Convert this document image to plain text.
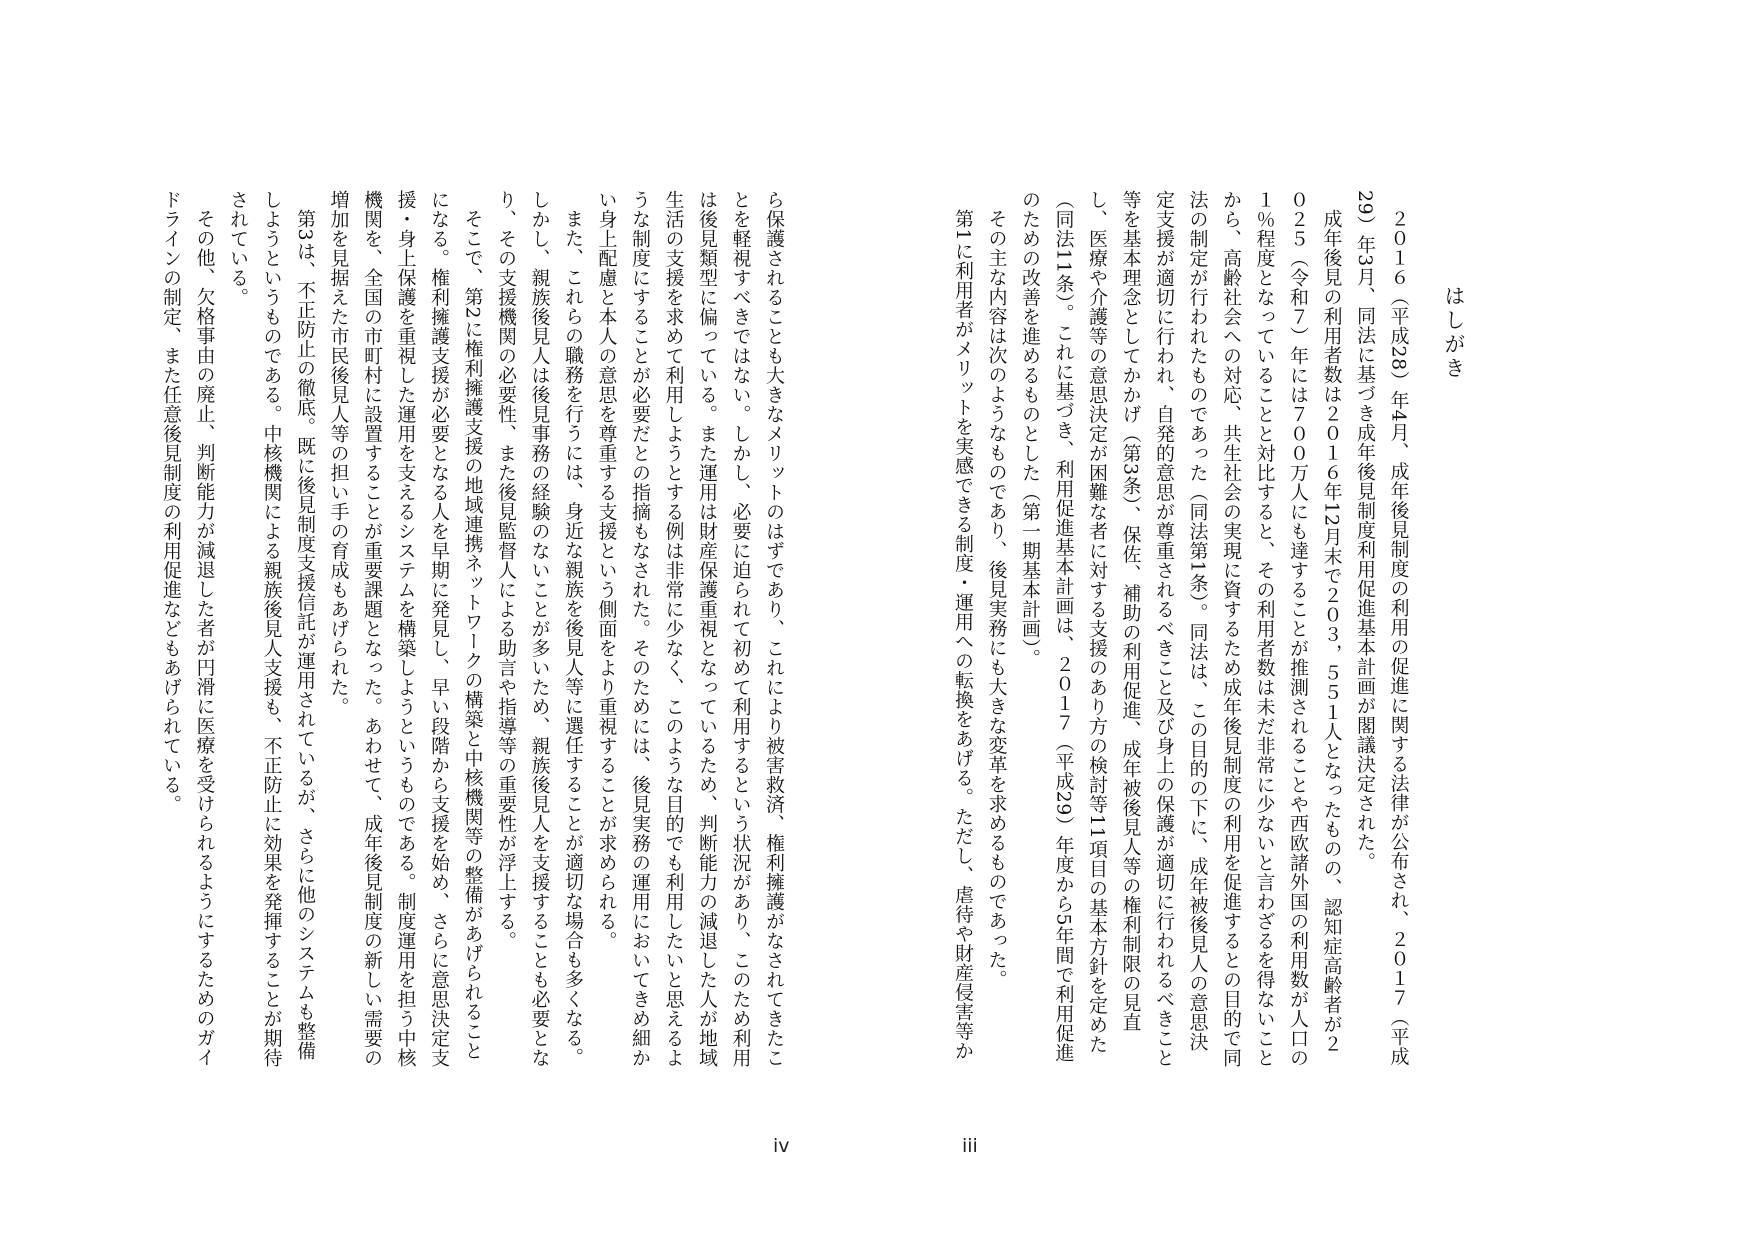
はしがき

２０１６（平成28）年4月、成年後見制度の利用の促進に関する法律が公布され、２０１７（平成29）年3月、同法に基づき成年後見制度利用促進基本計画が閣議決定された。

成年後見の利用者数は２０１６年12月末で２０３，５５１人となったものの、認知症高齢者が２０２５（令和７）年には７００万人にも達することが推測されることや西欧諸外国の利用数が人口の１％程度となっていることと対比すると、その利用者数は未だ非常に少ないと言わざるを得ないことから、高齢社会への対応、共生社会の実現に資するため成年後見制度の利用を促進するとの目的で同法の制定が行われたものであった（同法第1条）。同法は、この目的の下に、成年被後見人の意思決定支援が適切に行われ、自発的意思が尊重されるべきこと及び身上の保護が適切に行われるべきこと等を基本理念としてかかげ（第3条）、保佐、補助の利用促進、成年被後見人等の権利制限の見直し、医療や介護等の意思決定が困難な者に対する支援のあり方の検討等11項目の基本方針を定めた（同法11条）。これに基づき、利用促進基本計画は、２０１７（平成29）年度から5年間で利用促進のための改善を進めるものとした（第一期基本計画）。

その主な内容は次のようなものであり、後見実務にも大きな変革を求めるものであった。

第1に利用者がメリットを実感できる制度・運用への転換をあげる。ただし、虐待や財産侵害等か

ら保護されることも大きなメリットのはずであり、これにより被害救済、権利擁護がなされてきたことを軽視すべきではない。しかし、必要に迫られて初めて利用するという状況があり、このため利用は後見類型に偏っている。また運用は財産保護重視となっているため、判断能力の減退した人が地域生活の支援を求めて利用しようとする例は非常に少なく、このような目的でも利用したいと思えるような制度にすることが必要だとの指摘もなされた。そのためには、後見実務の運用においてきめ細かい身上配慮と本人の意思を尊重する支援という側面をより重視することが求められる。

また、これらの職務を行うには、身近な親族を後見人等に選任することが適切な場合も多くなる。しかし、親族後見人は後見事務の経験のないことが多いため、親族後見人を支援することも必要となり、その支援機関の必要性、また後見監督人による助言や指導等の重要性が浮上する。

そこで、第2に権利擁護支援の地域連携ネットワークの構築と中核機関等の整備があげられることになる。権利擁護支援が必要となる人を早期に発見し、早い段階から支援を始め、さらに意思決定支援・身上保護を重視した運用を支えるシステムを構築しようというものである。制度運用を担う中核機関を、全国の市町村に設置することが重要課題となった。あわせて、成年後見制度の新しい需要の増加を見据えた市民後見人等の担い手の育成もあげられた。

第3は、不正防止の徹底。既に後見制度支援信託が運用されているが、さらに他のシステムも整備しようというものである。中核機関による親族後見人支援も、不正防止に効果を発揮することが期待されている。

その他、欠格事由の廃止、判断能力が減退した者が円滑に医療を受けられるようにするためのガイドラインの制定、また任意後見制度の利用促進などもあげられている。

iv	iii
